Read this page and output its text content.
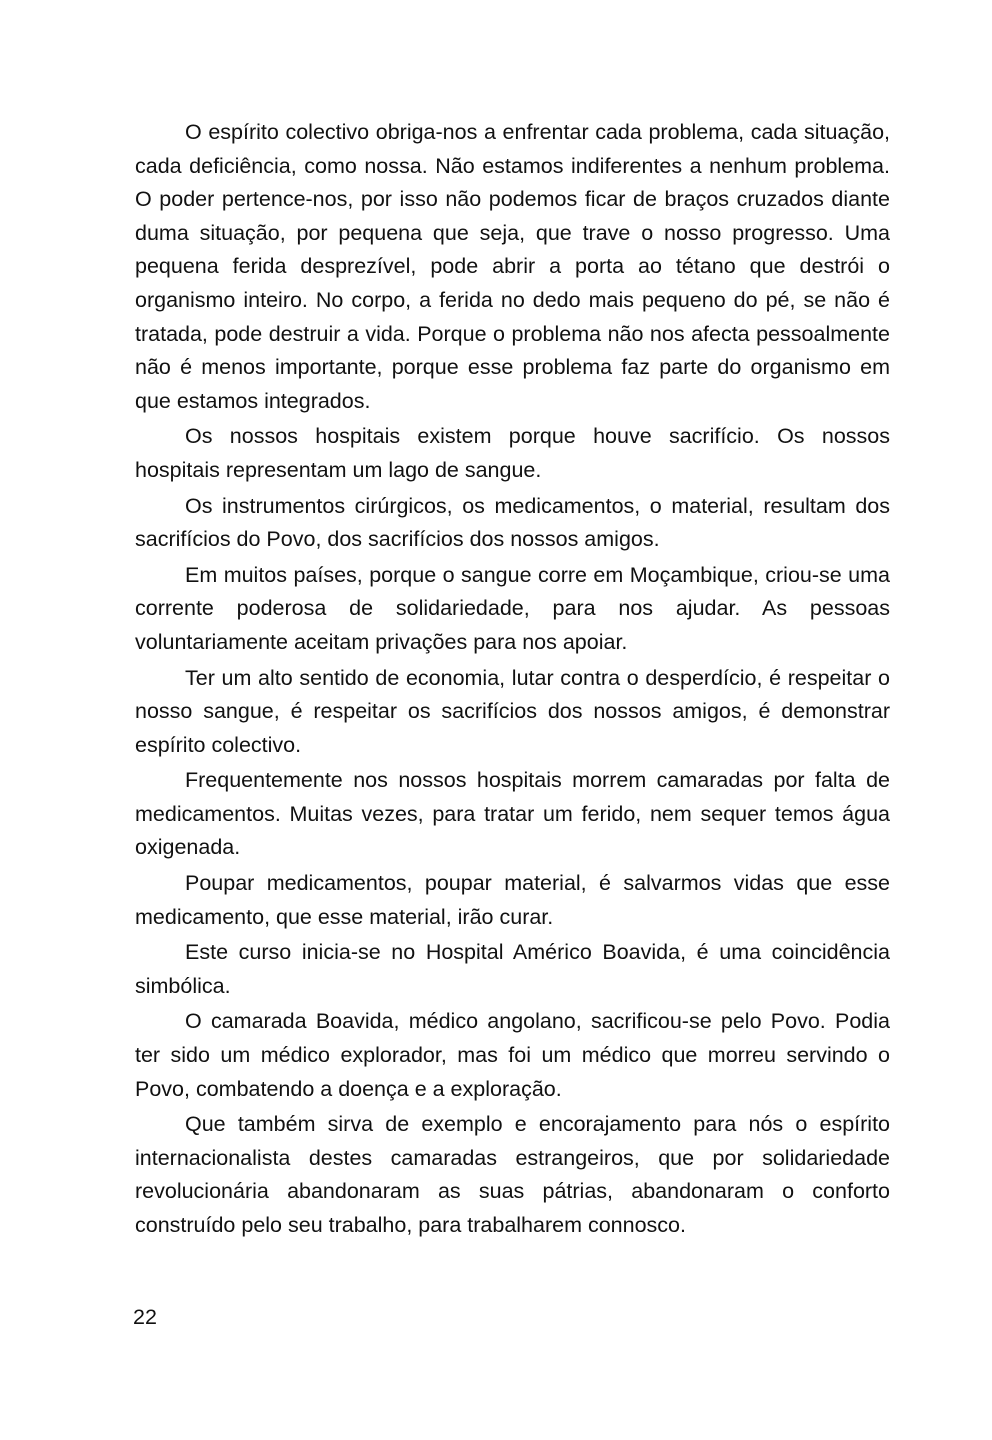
O espírito colectivo obriga-nos a enfrentar cada problema, cada situação, cada deficiência, como nossa. Não estamos indiferentes a nenhum problema. O poder pertence-nos, por isso não podemos ficar de braços cruzados diante duma situação, por pequena que seja, que trave o nosso progresso. Uma pequena ferida desprezível, pode abrir a porta ao tétano que destrói o organismo inteiro. No corpo, a ferida no dedo mais pequeno do pé, se não é tratada, pode destruir a vida. Porque o problema não nos afecta pessoalmente não é menos importante, porque esse problema faz parte do organismo em que estamos integrados.

Os nossos hospitais existem porque houve sacrifício. Os nossos hospitais representam um lago de sangue.

Os instrumentos cirúrgicos, os medicamentos, o material, resultam dos sacrifícios do Povo, dos sacrifícios dos nossos amigos.

Em muitos países, porque o sangue corre em Moçambique, criou-se uma corrente poderosa de solidariedade, para nos ajudar. As pessoas voluntariamente aceitam privações para nos apoiar.

Ter um alto sentido de economia, lutar contra o desperdício, é respeitar o nosso sangue, é respeitar os sacrifícios dos nossos amigos, é demonstrar espírito colectivo.

Frequentemente nos nossos hospitais morrem camaradas por falta de medicamentos. Muitas vezes, para tratar um ferido, nem sequer temos água oxigenada.

Poupar medicamentos, poupar material, é salvarmos vidas que esse medicamento, que esse material, irão curar.

Este curso inicia-se no Hospital Américo Boavida, é uma coincidência simbólica.

O camarada Boavida, médico angolano, sacrificou-se pelo Povo. Podia ter sido um médico explorador, mas foi um médico que morreu servindo o Povo, combatendo a doença e a exploração.

Que também sirva de exemplo e encorajamento para nós o espírito internacionalista destes camaradas estrangeiros, que por solidariedade revolucionária abandonaram as suas pátrias, abandonaram o conforto construído pelo seu trabalho, para trabalharem connosco.

22
